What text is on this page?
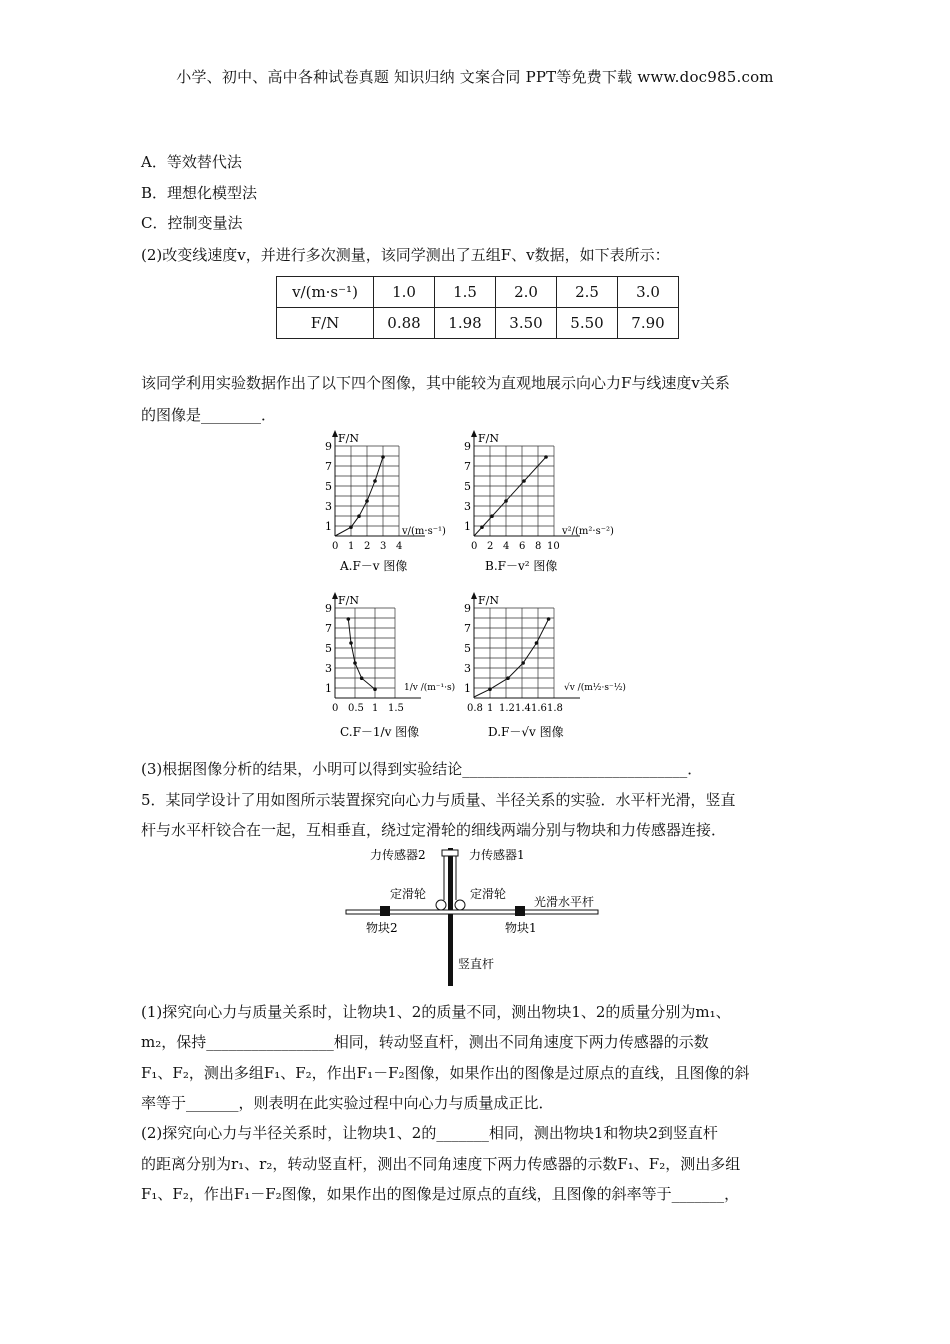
小学、初中、高中各种试卷真题 知识归纳 文案合同 PPT等免费下载 www.doc985.com
A．等效替代法
B．理想化模型法
C．控制变量法
(2)改变线速度v，并进行多次测量，该同学测出了五组F、v数据，如下表所示：
v/(m·s⁻¹)	1.0	1.5	2.0	2.5	3.0
F/N	0.88	1.98	3.50	5.50	7.90
该同学利用实验数据作出了以下四个图像，其中能较为直观地展示向心力F与线速度v关系
的图像是________．
F/N
v/(m·s⁻¹)
A.F－v 图像
F/N
v²/(m²·s⁻²)
B.F－v² 图像
F/N
1/v /(m⁻¹·s)
C.F－1/v 图像
F/N
√v /(m½·s⁻½)
D.F－√v 图像
1
3
5
7
9
0 1 2 3 4
1
3
5
7
9
0 2 4 6 8 10
1
3
5
7
9
0 0.5 1 1.5
1
3
5
7
9
0.8 1 1.2 1.4 1.6 1.8
(3)根据图像分析的结果，小明可以得到实验结论______________________________．
5．某同学设计了用如图所示装置探究向心力与质量、半径关系的实验．水平杆光滑，竖直
杆与水平杆铰合在一起，互相垂直，绕过定滑轮的细线两端分别与物块和力传感器连接．
力传感器2	力传感器1
定滑轮	定滑轮
光滑水平杆
物块2	物块1
竖直杆
(1)探究向心力与质量关系时，让物块1、2的质量不同，测出物块1、2的质量分别为m₁、
m₂，保持_________________相同，转动竖直杆，测出不同角速度下两力传感器的示数
F₁、F₂，测出多组F₁、F₂，作出F₁－F₂图像，如果作出的图像是过原点的直线，且图像的斜
率等于_______，则表明在此实验过程中向心力与质量成正比．
(2)探究向心力与半径关系时，让物块1、2的_______相同，测出物块1和物块2到竖直杆
的距离分别为r₁、r₂，转动竖直杆，测出不同角速度下两力传感器的示数F₁、F₂，测出多组
F₁、F₂，作出F₁－F₂图像，如果作出的图像是过原点的直线，且图像的斜率等于_______，
